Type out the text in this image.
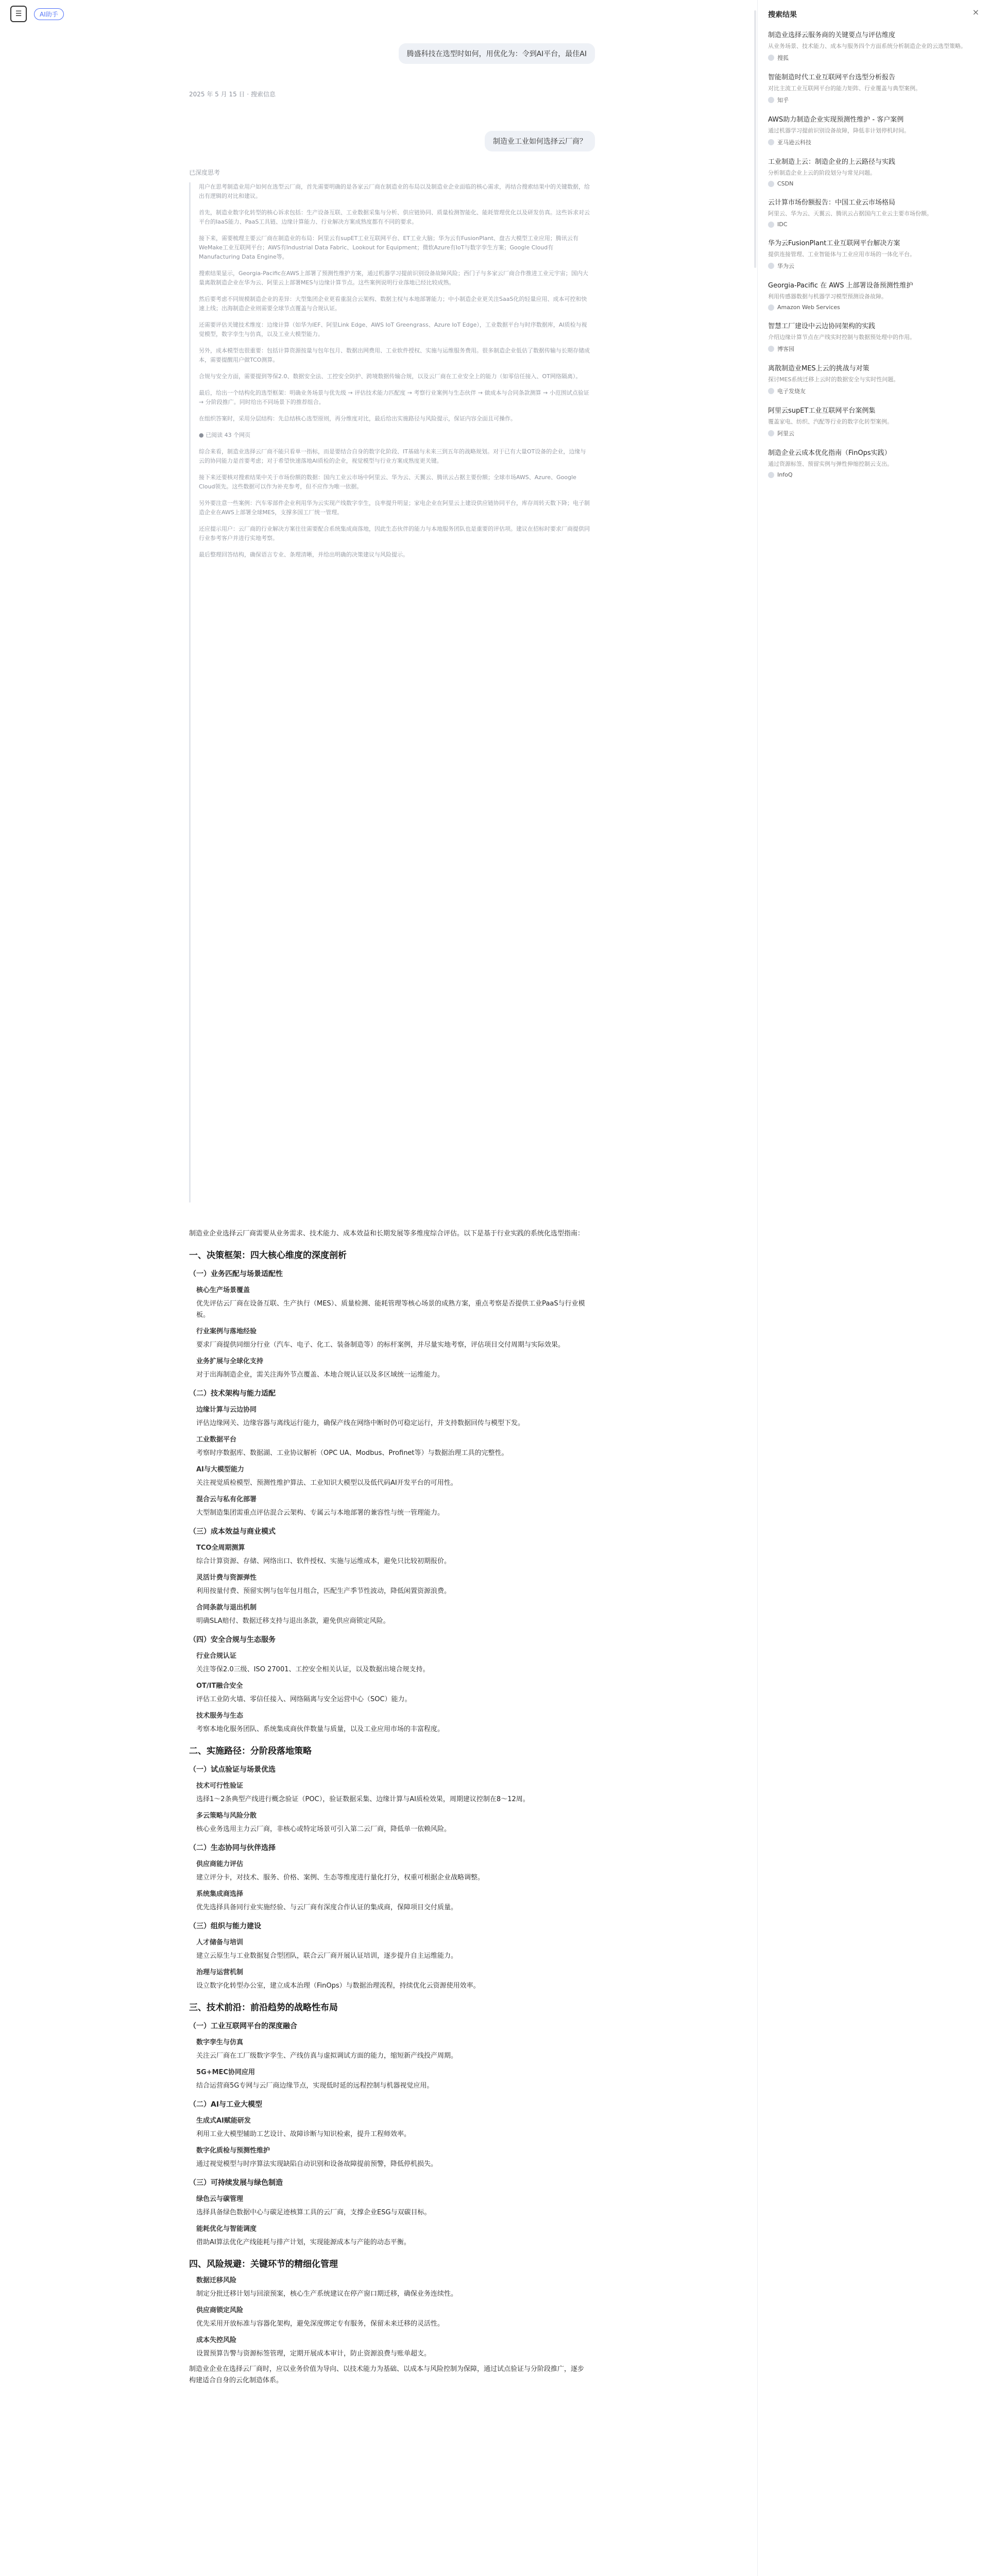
☰	AI助手
腾盛科技在选型时如何，用优化为：令到AI平台，最佳AI
2025 年 5 月 15 日 · 搜索信息
制造业工业如何选择云厂商？
已深度思考

用户在思考制造业用户如何在选型云厂商，首先需要明确的是各家云厂商在制造业的布局以及制造业企业面临的核心需求，再结合搜索结果中的关键数据，给出有逻辑的对比和建议。

首先，制造业数字化转型的核心诉求包括：生产设备互联、工业数据采集与分析、供应链协同、质量检测智能化、能耗管理优化以及研发仿真。这些诉求对云平台的IaaS能力、PaaS工具链、边缘计算能力、行业解决方案成熟度都有不同的要求。

接下来，需要梳理主要云厂商在制造业的布局：阿里云有supET工业互联网平台、ET工业大脑；华为云有FusionPlant、盘古大模型工业应用；腾讯云有WeMake工业互联网平台；AWS有Industrial Data Fabric、Lookout for Equipment；微软Azure有IoT与数字孪生方案；Google Cloud有Manufacturing Data Engine等。

搜索结果显示，Georgia-Pacific在AWS上部署了预测性维护方案，通过机器学习提前识别设备故障风险；西门子与多家云厂商合作推进工业元宇宙；国内大量离散制造企业在华为云、阿里云上部署MES与边缘计算节点。这些案例说明行业落地已经比较成熟。

然后要考虑不同规模制造企业的差异：大型集团企业更看重混合云架构、数据主权与本地部署能力；中小制造企业更关注SaaS化的轻量应用、成本可控和快速上线；出海制造企业则需要全球节点覆盖与合规认证。

还需要评估关键技术维度：边缘计算（如华为IEF、阿里Link Edge、AWS IoT Greengrass、Azure IoT Edge），工业数据平台与时序数据库，AI质检与视觉模型，数字孪生与仿真，以及工业大模型能力。

另外，成本模型也很重要：包括计算资源按量与包年包月、数据出网费用、工业软件授权、实施与运维服务费用。很多制造企业低估了数据传输与长期存储成本，需要提醒用户做TCO测算。

合规与安全方面，需要提到等保2.0、数据安全法、工控安全防护、跨境数据传输合规，以及云厂商在工业安全上的能力（如零信任接入、OT网络隔离）。

最后，给出一个结构化的选型框架：明确业务场景与优先级 → 评估技术能力匹配度 → 考察行业案例与生态伙伴 → 做成本与合同条款测算 → 小范围试点验证 → 分阶段推广。同时给出不同场景下的推荐组合。

在组织答案时，采用分层结构：先总结核心选型原则，再分维度对比，最后给出实施路径与风险提示，保证内容全面且可操作。

● 已阅读 43 个网页

综合来看，制造业选择云厂商不能只看单一指标，而是要结合自身的数字化阶段、IT基础与未来三到五年的战略规划。对于已有大量OT设备的企业，边缘与云的协同能力是首要考虑；对于希望快速落地AI质检的企业，视觉模型与行业方案成熟度更关键。

接下来还要核对搜索结果中关于市场份额的数据：国内工业云市场中阿里云、华为云、天翼云、腾讯云占据主要份额；全球市场AWS、Azure、Google Cloud领先。这些数据可以作为补充参考，但不应作为唯一依据。

另外要注意一些案例：汽车零部件企业利用华为云实现产线数字孪生，良率提升明显；家电企业在阿里云上建设供应链协同平台，库存周转天数下降；电子制造企业在AWS上部署全球MES，支撑多国工厂统一管理。

还应提示用户：云厂商的行业解决方案往往需要配合系统集成商落地，因此生态伙伴的能力与本地服务团队也是重要的评估项。建议在招标时要求厂商提供同行业参考客户并进行实地考察。

最后整理回答结构，确保语言专业、条理清晰，并给出明确的决策建议与风险提示。

制造业企业选择云厂商需要从业务需求、技术能力、成本效益和长期发展等多维度综合评估。以下是基于行业实践的系统化选型指南：

一、决策框架：四大核心维度的深度剖析
（一）业务匹配与场景适配性
核心生产场景覆盖

优先评估云厂商在设备互联、生产执行（MES）、质量检测、能耗管理等核心场景的成熟方案，重点考察是否提供工业PaaS与行业模板。

行业案例与落地经验

要求厂商提供同细分行业（汽车、电子、化工、装备制造等）的标杆案例，并尽量实地考察，评估项目交付周期与实际效果。

业务扩展与全球化支持

对于出海制造企业，需关注海外节点覆盖、本地合规认证以及多区域统一运维能力。

（二）技术架构与能力适配
边缘计算与云边协同

评估边缘网关、边缘容器与离线运行能力，确保产线在网络中断时仍可稳定运行，并支持数据回传与模型下发。

工业数据平台

考察时序数据库、数据湖、工业协议解析（OPC UA、Modbus、Profinet等）与数据治理工具的完整性。

AI与大模型能力

关注视觉质检模型、预测性维护算法、工业知识大模型以及低代码AI开发平台的可用性。

混合云与私有化部署

大型制造集团需重点评估混合云架构、专属云与本地部署的兼容性与统一管理能力。

（三）成本效益与商业模式
TCO全周期测算

综合计算资源、存储、网络出口、软件授权、实施与运维成本，避免只比较初期报价。

灵活计费与资源弹性

利用按量付费、预留实例与包年包月组合，匹配生产季节性波动，降低闲置资源浪费。

合同条款与退出机制

明确SLA赔付、数据迁移支持与退出条款，避免供应商锁定风险。

（四）安全合规与生态服务
行业合规认证

关注等保2.0三级、ISO 27001、工控安全相关认证，以及数据出境合规支持。

OT/IT融合安全

评估工业防火墙、零信任接入、网络隔离与安全运营中心（SOC）能力。

技术服务与生态

考察本地化服务团队、系统集成商伙伴数量与质量，以及工业应用市场的丰富程度。

二、实施路径：分阶段落地策略
（一）试点验证与场景优选
技术可行性验证

选择1～2条典型产线进行概念验证（POC），验证数据采集、边缘计算与AI质检效果，周期建议控制在8～12周。

多云策略与风险分散

核心业务选用主力云厂商，非核心或特定场景可引入第二云厂商，降低单一依赖风险。

（二）生态协同与伙伴选择
供应商能力评估

建立评分卡，对技术、服务、价格、案例、生态等维度进行量化打分，权重可根据企业战略调整。

系统集成商选择

优先选择具备同行业实施经验、与云厂商有深度合作认证的集成商，保障项目交付质量。

（三）组织与能力建设
人才储备与培训

建立云原生与工业数据复合型团队，联合云厂商开展认证培训，逐步提升自主运维能力。

治理与运营机制

设立数字化转型办公室，建立成本治理（FinOps）与数据治理流程，持续优化云资源使用效率。

三、技术前沿：前沿趋势的战略性布局
（一）工业互联网平台的深度融合
数字孪生与仿真

关注云厂商在工厂级数字孪生、产线仿真与虚拟调试方面的能力，缩短新产线投产周期。

5G+MEC协同应用

结合运营商5G专网与云厂商边缘节点，实现低时延的远程控制与机器视觉应用。

（二）AI与工业大模型
生成式AI赋能研发

利用工业大模型辅助工艺设计、故障诊断与知识检索，提升工程师效率。

数字化质检与预测性维护

通过视觉模型与时序算法实现缺陷自动识别和设备故障提前预警，降低停机损失。

（三）可持续发展与绿色制造
绿色云与碳管理

选择具备绿色数据中心与碳足迹核算工具的云厂商，支撑企业ESG与双碳目标。

能耗优化与智能调度

借助AI算法优化产线能耗与排产计划，实现能源成本与产能的动态平衡。

四、风险规避：关键环节的精细化管理
数据迁移风险

制定分批迁移计划与回滚预案，核心生产系统建议在停产窗口期迁移，确保业务连续性。

供应商锁定风险

优先采用开放标准与容器化架构，避免深度绑定专有服务，保留未来迁移的灵活性。

成本失控风险

设置预算告警与资源标签管理，定期开展成本审计，防止资源浪费与账单超支。

制造业企业在选择云厂商时，应以业务价值为导向、以技术能力为基础、以成本与风险控制为保障，通过试点验证与分阶段推广，逐步构建适合自身的云化制造体系。

搜索结果	×
制造业选择云服务商的关键要点与评估维度
从业务场景、技术能力、成本与服务四个方面系统分析制造企业的云选型策略。
搜狐
智能制造时代工业互联网平台选型分析报告
对比主流工业互联网平台的能力矩阵、行业覆盖与典型案例。
知乎
AWS助力制造企业实现预测性维护 - 客户案例
通过机器学习提前识别设备故障，降低非计划停机时间。
亚马逊云科技
工业制造上云：制造企业的上云路径与实践
分析制造企业上云的阶段划分与常见问题。
CSDN
云计算市场份额报告：中国工业云市场格局
阿里云、华为云、天翼云、腾讯云占据国内工业云主要市场份额。
IDC
华为云FusionPlant工业互联网平台解决方案
提供连接管理、工业智能体与工业应用市场的一体化平台。
华为云
Georgia-Pacific 在 AWS 上部署设备预测性维护
利用传感器数据与机器学习模型预测设备故障。
Amazon Web Services
智慧工厂建设中云边协同架构的实践
介绍边缘计算节点在产线实时控制与数据预处理中的作用。
博客园
离散制造业MES上云的挑战与对策
探讨MES系统迁移上云时的数据安全与实时性问题。
电子发烧友
阿里云supET工业互联网平台案例集
覆盖家电、纺织、汽配等行业的数字化转型案例。
阿里云
制造企业云成本优化指南（FinOps实践）
通过资源标签、预留实例与弹性伸缩控制云支出。
InfoQ
